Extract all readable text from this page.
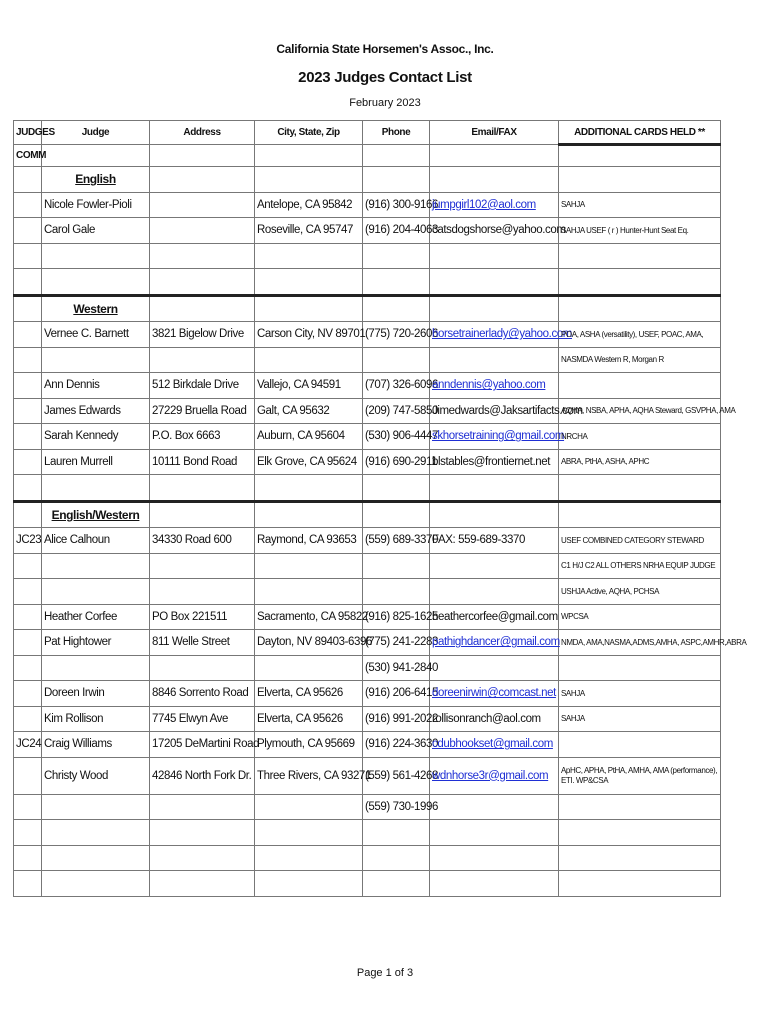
California State Horsemen's Assoc., Inc.
2023 Judges Contact List
February 2023
JUDGES	Judge	Address	City, State, Zip	Phone	Email/FAX	ADDITIONAL CARDS HELD **
COMM						
	English					
	Nicole Fowler-Pioli		Antelope, CA 95842	(916) 300-9166	jumpgirl102@aol.com	SAHJA
	Carol Gale		Roseville, CA 95747	(916) 204-4063	catsdogshorse@yahoo.com	SAHJA USEF ( r ) Hunter-Hunt Seat Eq.

	Western					
	Vernee C. Barnett	3821 Bigelow Drive	Carson City, NV 89701	(775) 720-2606	horsetrainerlady@yahoo.com	POA, ASHA (versatility), USEF, POAC, AMA,
						NASMDA Western R, Morgan R
	Ann Dennis	512 Birkdale Drive	Vallejo, CA 94591	(707) 326-6096	anndennis@yahoo.com	
	James Edwards	27229 Bruella Road	Galt, CA 95632	(209) 747-5850	Jimedwards@Jaksartifacts.com	AQHA, NSBA, APHA, AQHA Steward, GSVPHA, AMA
	Sarah Kennedy	P.O. Box 6663	Auburn, CA 95604	(530) 906-4447	skhorsetraining@gmail.com	NRCHA
	Lauren Murrell	10111 Bond Road	Elk Grove, CA 95624	(916) 690-2911	blstables@frontiernet.net	ABRA, PtHA, ASHA, APHC

	English/Western					
JC23	Alice Calhoun	34330 Road 600	Raymond, CA 93653	(559) 689-3370	FAX: 559-689-3370	USEF COMBINED CATEGORY STEWARD
						C1 H/J C2 ALL OTHERS NRHA EQUIP JUDGE
						USHJA Active, AQHA, PCHSA
	Heather Corfee	PO Box 221511	Sacramento, CA 95822	(916) 825-1625	heathercorfee@gmail.com	WPCSA
	Pat Hightower	811 Welle Street	Dayton, NV 89403-6396	(775) 241-2283	pathighdancer@gmail.com	NMDA, AMA,NASMA,ADMS,AMHA, ASPC,AMHR,ABRA
				(530) 941-2840		
	Doreen Irwin	8846 Sorrento Road	Elverta, CA 95626	(916) 206-6415	doreenirwin@comcast.net	SAHJA
	Kim Rollison	7745 Elwyn Ave	Elverta, CA 95626	(916) 991-2022	rollisonranch@aol.com	SAHJA
JC24	Craig Williams	17205 DeMartini Road	Plymouth, CA 95669	(916) 224-3630	cdubhookset@gmail.com	
	Christy Wood	42846 North Fork Dr.	Three Rivers, CA 93271	(559) 561-4268	wdnhorse3r@gmail.com	ApHC, APHA, PtHA, AMHA, AMA (performance), ETI. WP&CSA
				(559) 730-1996		

Page 1 of 3
